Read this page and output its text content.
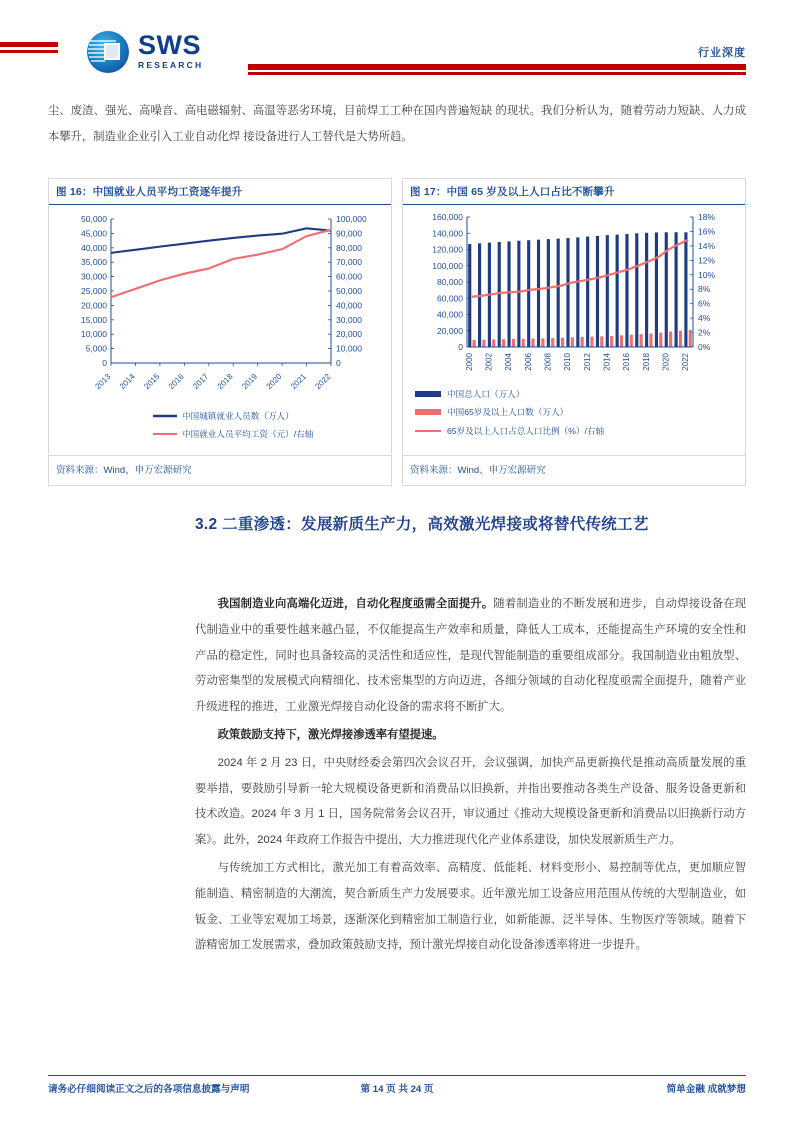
SWS
RESEARCH
行业深度

尘、废渣、强光、高噪音、高电磁辐射、高温等恶劣环境，目前焊工工种在国内普遍短缺 的现状。我们分析认为，随着劳动力短缺、人力成本攀升，制造业企业引入工业自动化焊 接设备进行人工替代是大势所趋。

图 16：中国就业人员平均工资逐年提升
0
5,000
10,000
15,000
20,000
25,000
30,000
35,000
40,000
45,000
50,000
0
10,000
20,000
30,000
40,000
50,000
60,000
70,000
80,000
90,000
100,000
2013 2014 2015 2016 2017 2018 2019 2020 2021 2022
中国城镇就业人员数（万人）
中国就业人员平均工资（元）/右轴
资料来源：Wind、申万宏源研究
图 17：中国 65 岁及以上人口占比不断攀升
0
20,000
40,000
60,000
80,000
100,000
120,000
140,000
160,000
0%
2%
4%
6%
8%
10%
12%
14%
16%
18%
2000 2002 2004 2006 2008 2010 2012 2014 2016 2018 2020 2022
中国总人口（万人）
中国65岁及以上人口数（万人）
65岁及以上人口占总人口比例（%）/右轴
资料来源：Wind、申万宏源研究
3.2 二重渗透：发展新质生产力，高效激光焊接或将替代传统工艺

我国制造业向高端化迈进，自动化程度亟需全面提升。随着制造业的不断发展和进步，自动焊接设备在现代制造业中的重要性越来越凸显，不仅能提高生产效率和质量，降低人工成本，还能提高生产环境的安全性和产品的稳定性，同时也具备较高的灵活性和适应性，是现代智能制造的重要组成部分。我国制造业由粗放型、劳动密集型的发展模式向精细化、技术密集型的方向迈进，各细分领域的自动化程度亟需全面提升，随着产业升级进程的推进，工业激光焊接自动化设备的需求将不断扩大。

政策鼓励支持下，激光焊接渗透率有望提速。

2024 年 2 月 23 日，中央财经委会第四次会议召开，会议强调，加快产品更新换代是推动高质量发展的重要举措，要鼓励引导新一轮大规模设备更新和消费品以旧换新，并指出要推动各类生产设备、服务设备更新和技术改造。2024 年 3 月 1 日，国务院常务会议召开，审议通过《推动大规模设备更新和消费品以旧换新行动方案》。此外，2024 年政府工作报告中提出，大力推进现代化产业体系建设，加快发展新质生产力。

与传统加工方式相比，激光加工有着高效率、高精度、低能耗、材料变形小、易控制等优点，更加顺应智能制造、精密制造的大潮流，契合新质生产力发展要求。近年激光加工设备应用范围从传统的大型制造业，如钣金、工业等宏观加工场景，逐渐深化到精密加工制造行业，如新能源、泛半导体、生物医疗等领域。随着下游精密加工发展需求，叠加政策鼓励支持，预计激光焊接自动化设备渗透率将进一步提升。

请务必仔细阅读正文之后的各项信息披露与声明	第 14 页 共 24 页	简单金融 成就梦想
